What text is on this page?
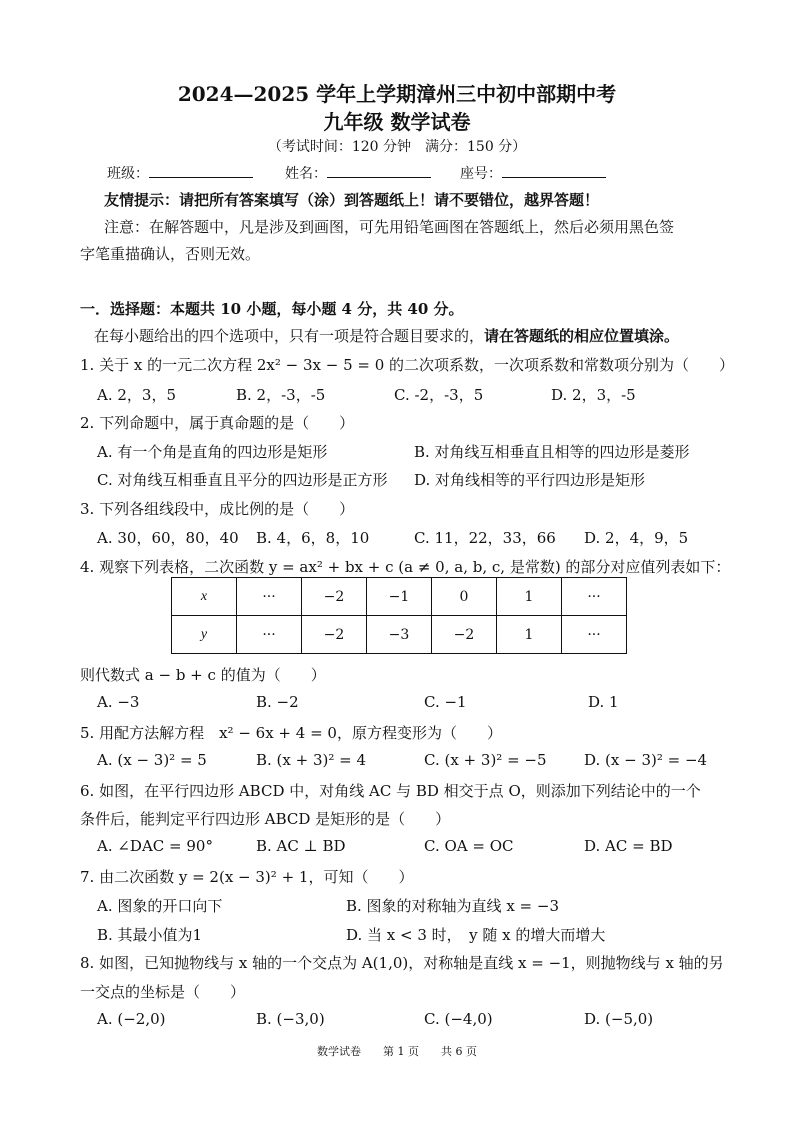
2024—2025 学年上学期漳州三中初中部期中考
九年级 数学试卷
（考试时间：120 分钟　满分：150 分）
班级：	姓名：	座号：
友情提示：请把所有答案填写（涂）到答题纸上！请不要错位，越界答题！
注意：在解答题中，凡是涉及到画图，可先用铅笔画图在答题纸上，然后必须用黑色签
字笔重描确认，否则无效。
一．选择题：本题共 10 小题，每小题 4 分，共 40 分。
在每小题给出的四个选项中，只有一项是符合题目要求的，请在答题纸的相应位置填涂。
1. 关于 x 的一元二次方程 2x² − 3x − 5 = 0 的二次项系数，一次项系数和常数项分别为（　　）
A. 2，3，5	B. 2，-3，-5	C. -2，-3，5	D. 2，3，-5
2. 下列命题中，属于真命题的是（　　）
A. 有一个角是直角的四边形是矩形	B. 对角线互相垂直且相等的四边形是菱形
C. 对角线互相垂直且平分的四边形是正方形 D. 对角线相等的平行四边形是矩形
3. 下列各组线段中，成比例的是（　　）
A. 30，60，80，40 B. 4，6，8，10	C. 11，22，33，66 D. 2，4，9，5
4. 观察下列表格，二次函数 y = ax² + bx + c (a ≠ 0, a, b, c, 是常数) 的部分对应值列表如下：
x	···	−2	−1	0	1	···
y	···	−2	−3	−2	1	···
则代数式 a − b + c 的值为（　　）
A. −3	B. −2	C. −1	D. 1
5. 用配方法解方程　x² − 6x + 4 = 0，原方程变形为（　　）
A. (x − 3)² = 5	B. (x + 3)² = 4	C. (x + 3)² = −5 D. (x − 3)² = −4
6. 如图，在平行四边形 ABCD 中，对角线 AC 与 BD 相交于点 O，则添加下列结论中的一个
条件后，能判定平行四边形 ABCD 是矩形的是（　　）
A. ∠DAC = 90°	B. AC ⊥ BD	C. OA = OC	D. AC = BD
7. 由二次函数 y = 2(x − 3)² + 1，可知（　　）
A. 图象的开口向下	B. 图象的对称轴为直线 x = −3
B. 其最小值为1	D. 当 x < 3 时，　y 随 x 的增大而增大
8. 如图，已知抛物线与 x 轴的一个交点为 A(1,0)，对称轴是直线 x = −1，则抛物线与 x 轴的另
一交点的坐标是（　　）
A. (−2,0)	B. (−3,0)	C. (−4,0)	D. (−5,0)
数学试卷　　第 1 页　　共 6 页
